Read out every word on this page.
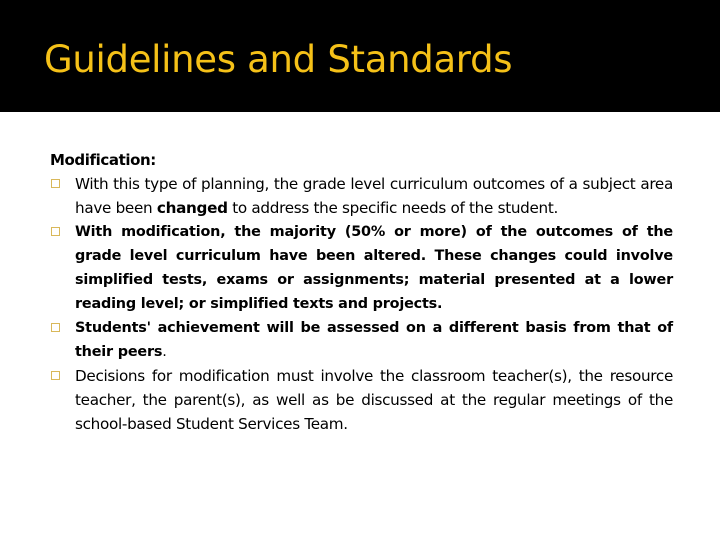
Guidelines and Standards
Modification:
With this type of planning, the grade level curriculum outcomes of a subject area have been changed to address the specific needs of the student.
With modification, the majority (50% or more) of the outcomes of the grade level curriculum have been altered. These changes could involve simplified tests, exams or assignments; material presented at a lower reading level; or simplified texts and projects.
Students' achievement will be assessed on a different basis from that of their peers.
Decisions for modification must involve the classroom teacher(s), the resource teacher, the parent(s), as well as be discussed at the regular meetings of the school-based Student Services Team.
